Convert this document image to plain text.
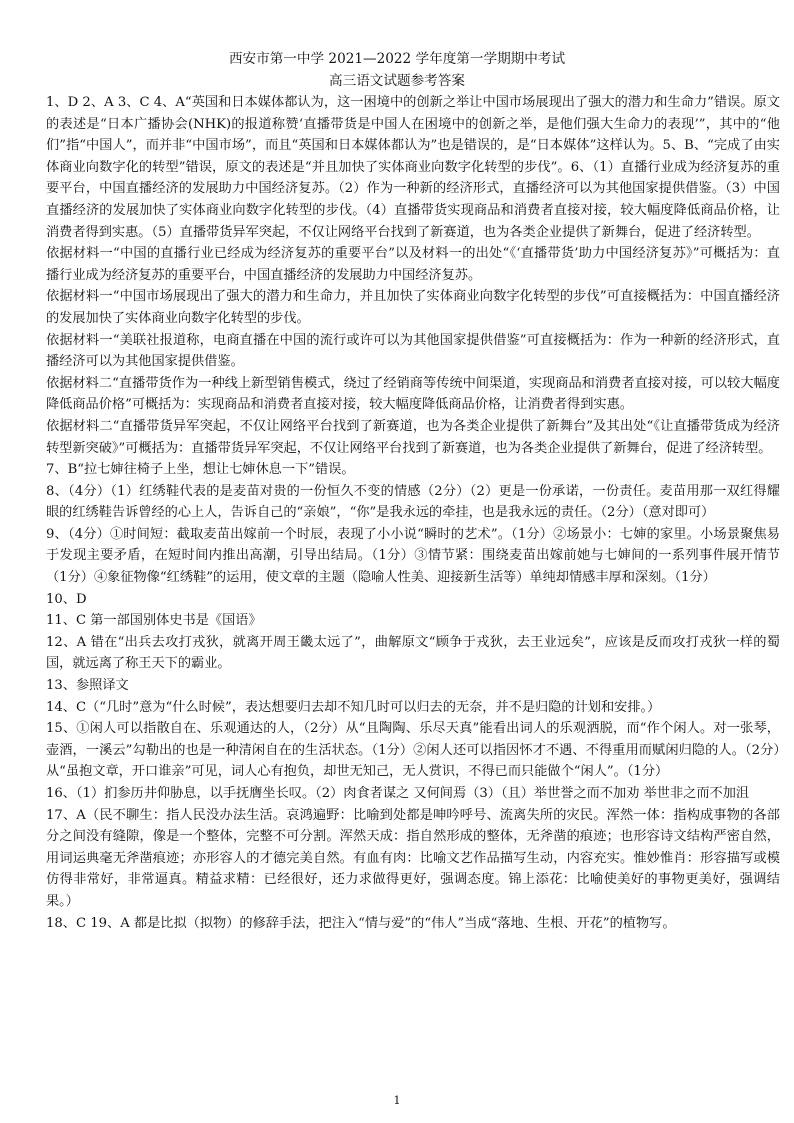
西安市第一中学 2021—2022 学年度第一学期期中考试
高三语文试题参考答案

1、D 2、A 3、C 4、A“英国和日本媒体都认为，这一困境中的创新之举让中国市场展现出了强大的潜力和生命力”错误。原文的表述是“日本广播协会(NHK)的报道称赞‘直播带货是中国人在困境中的创新之举，是他们强大生命力的表现’”，其中的“他们”指“中国人”，而并非“中国市场”，而且“英国和日本媒体都认为”也是错误的，是“日本媒体”这样认为。5、B、“完成了由实体商业向数字化的转型”错误，原文的表述是“并且加快了实体商业向数字化转型的步伐”。6、（1）直播行业成为经济复苏的重要平台，中国直播经济的发展助力中国经济复苏。（2）作为一种新的经济形式，直播经济可以为其他国家提供借鉴。（3）中国直播经济的发展加快了实体商业向数字化转型的步伐。（4）直播带货实现商品和消费者直接对接，较大幅度降低商品价格，让消费者得到实惠。（5）直播带货异军突起，不仅让网络平台找到了新赛道，也为各类企业提供了新舞台，促进了经济转型。

依据材料一“中国的直播行业已经成为经济复苏的重要平台”以及材料一的出处“《‘直播带货’助力中国经济复苏》”可概括为：直播行业成为经济复苏的重要平台，中国直播经济的发展助力中国经济复苏。

依据材料一“中国市场展现出了强大的潜力和生命力，并且加快了实体商业向数字化转型的步伐”可直接概括为：中国直播经济的发展加快了实体商业向数字化转型的步伐。

依据材料一“美联社报道称，电商直播在中国的流行或许可以为其他国家提供借鉴”可直接概括为：作为一种新的经济形式，直播经济可以为其他国家提供借鉴。

依据材料二“直播带货作为一种线上新型销售模式，绕过了经销商等传统中间渠道，实现商品和消费者直接对接，可以较大幅度降低商品价格”可概括为：实现商品和消费者直接对接，较大幅度降低商品价格，让消费者得到实惠。

依据材料二“直播带货异军突起，不仅让网络平台找到了新赛道，也为各类企业提供了新舞台”及其出处“《让直播带货成为经济转型新突破》”可概括为：直播带货异军突起，不仅让网络平台找到了新赛道，也为各类企业提供了新舞台，促进了经济转型。

7、B“拉七婶往椅子上坐，想让七婶休息一下”错误。

8、（4分）（1）红绣鞋代表的是麦苗对贵的一份恒久不变的情感（2分）（2）更是一份承诺，一份责任。麦苗用那一双红得耀眼的红绣鞋告诉曾经的心上人，告诉自己的“亲娘”，“你”是我永远的牵挂，也是我永远的责任。（2分）（意对即可）

9、（4分）①时间短：截取麦苗出嫁前一个时辰，表现了小小说“瞬时的艺术”。（1分）②场景小：七婶的家里。小场景聚焦易于发现主要矛盾，在短时间内推出高潮，引导出结局。（1分）③情节紧：围绕麦苗出嫁前她与七婶间的一系列事件展开情节（1分）④象征物像“红绣鞋”的运用，使文章的主题（隐喻人性美、迎接新生活等）单纯却情感丰厚和深刻。（1分）

10、D

11、C 第一部国别体史书是《国语》

12、A 错在“出兵去攻打戎狄，就离开周王畿太远了”，曲解原文“顾争于戎狄，去王业远矣”，应该是反而攻打戎狄一样的蜀国，就远离了称王天下的霸业。

13、参照译文

14、C（“几时”意为“什么时候”，表达想要归去却不知几时可以归去的无奈，并不是归隐的计划和安排。）

15、①闲人可以指散自在、乐观通达的人，（2分）从“且陶陶、乐尽天真”能看出词人的乐观洒脱，而“作个闲人。对一张琴，壶酒，一溪云”勾勒出的也是一种清闲自在的生活状态。（1分）②闲人还可以指因怀才不遇、不得重用而赋闲归隐的人。（2分）从“虽抱文章，开口谁亲”可见，词人心有抱负，却世无知己，无人赏识，不得已而只能做个“闲人”。（1分）

16、（1）扪参历井仰胁息，以手抚膺坐长叹。（2）肉食者谋之 又何间焉（3）（且）举世誉之而不加劝 举世非之而不加沮

17、A（民不聊生：指人民没办法生活。哀鸿遍野：比喻到处都是呻吟呼号、流离失所的灾民。浑然一体：指构成事物的各部分之间没有缝隙，像是一个整体，完整不可分割。浑然天成：指自然形成的整体，无斧凿的痕迹；也形容诗文结构严密自然，用词运典毫无斧凿痕迹；亦形容人的才德完美自然。有血有肉：比喻文艺作品描写生动，内容充实。惟妙惟肖：形容描写或模仿得非常好，非常逼真。精益求精：已经很好，还力求做得更好，强调态度。锦上添花：比喻使美好的事物更美好，强调结果。）

18、C 19、A 都是比拟（拟物）的修辞手法，把注入“情与爱”的“伟人”当成“落地、生根、开花”的植物写。

1
